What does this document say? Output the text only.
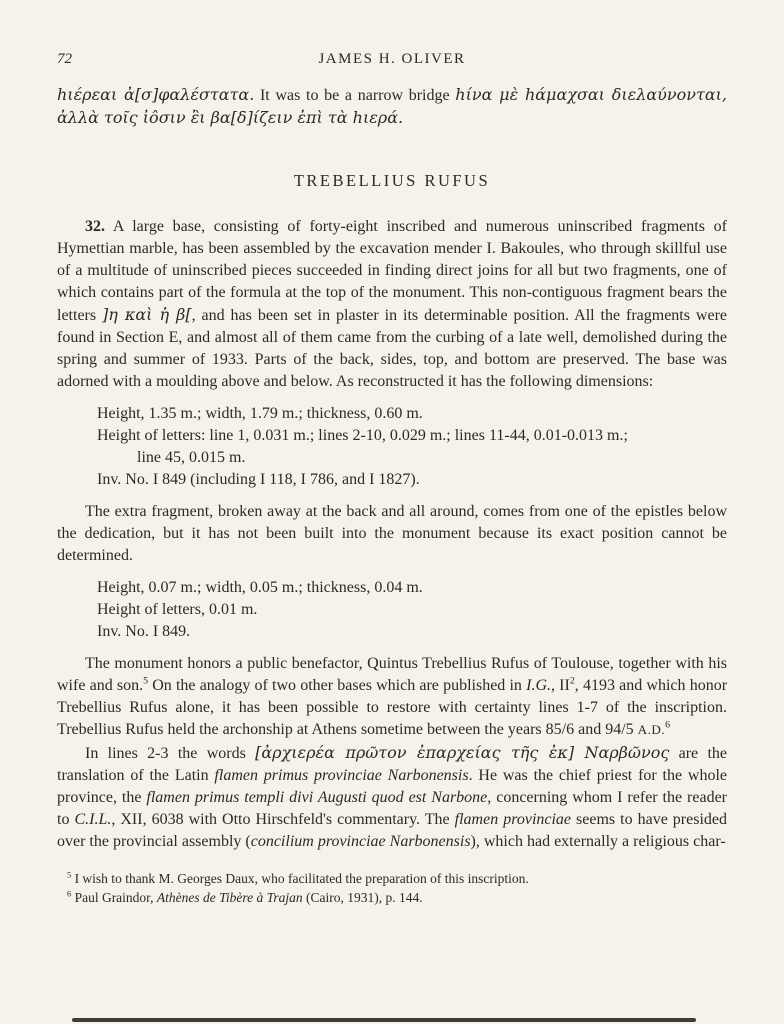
72	JAMES H. OLIVER

hιέρεαι ἀ[σ]φαλέστατα. It was to be a narrow bridge hίνα μὲ hάμαχσαι διελαύνονται, ἀλλὰ τοῖς ἰôσιν ἒι βα[δ]ίζειν ἐπὶ τὰ hιερά.

TREBELLIUS RUFUS

32. A large base, consisting of forty-eight inscribed and numerous uninscribed fragments of Hymettian marble, has been assembled by the excavation mender I. Bakoules, who through skillful use of a multitude of uninscribed pieces succeeded in finding direct joins for all but two fragments, one of which contains part of the formula at the top of the monument. This non-contiguous fragment bears the letters ]η καὶ ἡ β[, and has been set in plaster in its determinable position. All the fragments were found in Section E, and almost all of them came from the curbing of a late well, demolished during the spring and summer of 1933. Parts of the back, sides, top, and bottom are preserved. The base was adorned with a moulding above and below. As reconstructed it has the following dimensions:

Height, 1.35 m.; width, 1.79 m.; thickness, 0.60 m.
Height of letters: line 1, 0.031 m.; lines 2-10, 0.029 m.; lines 11-44, 0.01-0.013 m.;
line 45, 0.015 m.
Inv. No. I 849 (including I 118, I 786, and I 1827).

The extra fragment, broken away at the back and all around, comes from one of the epistles below the dedication, but it has not been built into the monument because its exact position cannot be determined.

Height, 0.07 m.; width, 0.05 m.; thickness, 0.04 m.
Height of letters, 0.01 m.
Inv. No. I 849.

The monument honors a public benefactor, Quintus Trebellius Rufus of Toulouse, together with his wife and son.$^5$ On the analogy of two other bases which are published in I.G., $II^2$, 4193 and which honor Trebellius Rufus alone, it has been possible to restore with certainty lines 1-7 of the inscription. Trebellius Rufus held the archonship at Athens sometime between the years 85/6 and 94/5 A.D.$^6$

In lines 2-3 the words [ἀρχιερέα πρῶτον ἐπαρχείας τῆς ἐκ] Ναρβῶνος are the translation of the Latin flamen primus provinciae Narbonensis. He was the chief priest for the whole province, the flamen primus templi divi Augusti quod est Narbone, concerning whom I refer the reader to C.I.L., XII, 6038 with Otto Hirschfeld's commentary. The flamen provinciae seems to have presided over the provincial assembly (concilium provinciae Narbonensis), which had externally a religious char-

$^5$ I wish to thank M. Georges Daux, who facilitated the preparation of this inscription.

$^6$ Paul Graindor, Athènes de Tibère à Trajan (Cairo, 1931), p. 144.
